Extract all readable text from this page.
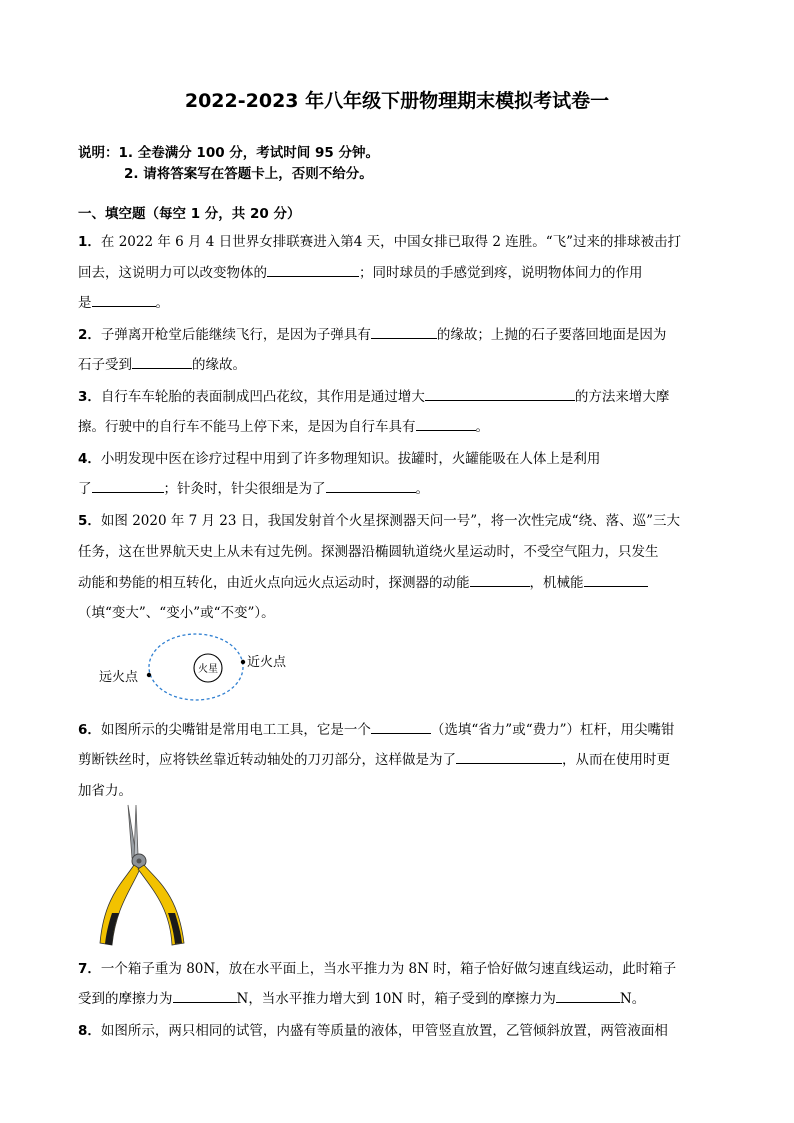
2022-2023 年八年级下册物理期末模拟考试卷一
说明：1. 全卷满分 100 分，考试时间 95 分钟。
2. 请将答案写在答题卡上，否则不给分。
一、填空题（每空 1 分，共 20 分）
1．在 2022 年 6 月 4 日世界女排联赛进入第4 天，中国女排已取得 2 连胜。“飞”过来的排球被击打
回去，这说明力可以改变物体的	；同时球员的手感觉到疼，说明物体间力的作用
是	。
2．子弹离开枪堂后能继续飞行，是因为子弹具有	的缘故；上抛的石子要落回地面是因为
石子受到	的缘故。
3．自行车车轮胎的表面制成凹凸花纹，其作用是通过增大	的方法来增大摩
擦。行驶中的自行车不能马上停下来，是因为自行车具有	。
4．小明发现中医在诊疗过程中用到了许多物理知识。拔罐时，火罐能吸在人体上是利用
了	；针灸时，针尖很细是为了	。
5．如图 2020 年 7 月 23 日，我国发射首个火星探测器天问一号”，将一次性完成“绕、落、巡”三大
任务，这在世界航天史上从未有过先例。探测器沿椭圆轨道绕火星运动时，不受空气阻力，只发生
动能和势能的相互转化，由近火点向远火点运动时，探测器的动能	，机械能
（填“变大”、“变小”或“不变”）。
火星
远火点
近火点
6．如图所示的尖嘴钳是常用电工工具，它是一个	（选填“省力”或“费力”）杠杆，用尖嘴钳
剪断铁丝时，应将铁丝靠近转动轴处的刀刃部分，这样做是为了	，从而在使用时更
加省力。
7．一个箱子重为 80N，放在水平面上，当水平推力为 8N 时，箱子恰好做匀速直线运动，此时箱子
受到的摩擦力为	N，当水平推力增大到 10N 时，箱子受到的摩擦力为	N。
8．如图所示，两只相同的试管，内盛有等质量的液体，甲管竖直放置，乙管倾斜放置，两管液面相
